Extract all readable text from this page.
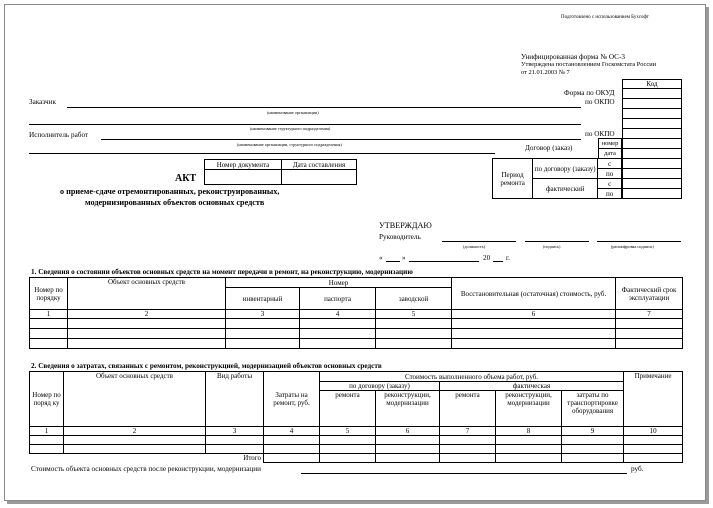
Подготовлено с использованием Бухсофт
Унифицированная форма № ОС-3
Утверждена постановлением Госкомстата России
от 21.01.2003 № 7
Код

Форма по ОКУД
по ОКПО
по ОКПО
Договор (заказ)
номер
дата
Период ремонта	по договору (заказу)	с
		по
	фактический	с
		по
Заказчик
(наименование организации)
(наименование структурного подразделения)
Исполнитель работ
(наименование организации, структурного подразделения)
Номер документа	Дата составления

АКТ
о приеме-сдаче отремонтированных, реконструированных,
модернизированных объектов основных средств
УТВЕРЖДАЮ
Руководитель
(должность)	(подпись)	(расшифровка подписи)
«	»	20 г.
1. Сведения о состоянии объектов основных средств на момент передачи в ремонт, на реконструкцию, модернизацию
Номер по порядку	Объект основных средств	Номер			Восстановительная (остаточная) стоимость, руб.	Фактический срок эксплуатации
		инвентарный	паспорта	заводской		
1	2	3	4	5	6	7

2. Сведения о затратах, связанных с ремонтом, реконструкцией, модернизацией объектов основных средств
Номер по поряд ку	Объект основных средств	Вид работы	Затраты на ремонт, руб.	Стоимость выполненного объема работ, руб.					Примечание
				по договору (заказу)		фактическая			
				ремонта	реконструкции, модернизации	ремонта	реконструкции, модернизации	затраты по транспортировке оборудования	
1	2	3	4	5	6	7	8	9	10

		Итого							
Стоимость объекта основных средств после реконструкции, модернизации	руб.
